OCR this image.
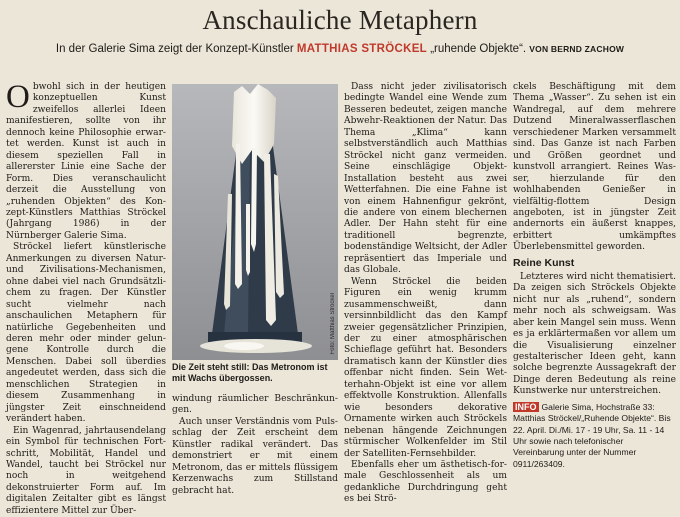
Anschauliche Metaphern
In der Galerie Sima zeigt der Konzept-Künstler MATTHIAS STRÖCKEL „ruhende Objekte“. VON BERND ZACHOW

Obwohl sich in der heutigen konzeptuellen Kunst zweifellos allerlei Ideen manifestieren, sollte von ihr dennoch keine Philosophie erwartet werden. Kunst ist auch in diesem speziellen Fall in allererster Linie eine Sache der Form. Dies veranschaulicht derzeit die Ausstellung von „ruhenden Objekten“ des Konzept-Künstlers Matthias Ströckel (Jahrgang 1986) in der Nürnberger Galerie Sima.

Ströckel liefert künstlerische Anmerkungen zu diversen Natur- und Zivilisations-Mechanismen, ohne dabei viel nach Grundsätzlichem zu fragen. Der Künstler sucht vielmehr nach anschaulichen Metaphern für natürliche Gegebenheiten und deren mehr oder minder gelungene Kontrolle durch die Menschen. Dabei soll überdies angedeutet werden, dass sich die menschlichen Strategien in diesem Zusammenhang in jüngster Zeit einschneidend verändert haben.

Ein Wagenrad, jahrtausendelang ein Symbol für technischen Fortschritt, Mobilität, Handel und Wandel, taucht bei Ströckel nur noch in weitgehend dekonstruierter Form auf. Im digitalen Zeitalter gibt es längst effizientere Mittel zur Über-

Foto: Matthias Ströckel
Die Zeit steht still: Das Metronom ist mit Wachs übergossen.

windung räumlicher Beschränkungen.

Auch unser Verständnis vom Pulsschlag der Zeit erscheint dem Künstler radikal verändert. Das demonstriert er mit einem Metronom, das er mittels flüssigem Kerzenwachs zum Stillstand gebracht hat.

Dass nicht jeder zivilisatorisch bedingte Wandel eine Wende zum Besseren bedeutet, zeigen manche Abwehr-Reaktionen der Natur. Das Thema „Klima“ kann selbstverständlich auch Matthias Ströckel nicht ganz vermeiden. Seine einschlägige Objekt-Installation besteht aus zwei Wetterfahnen. Die eine Fahne ist von einem Hahnenfigur gekrönt, die andere von einem blechernen Adler. Der Hahn steht für eine traditionell begrenzte, bodenständige Weltsicht, der Adler repräsentiert das Imperiale und das Globale.

Wenn Ströckel die beiden Figuren ein wenig krumm zusammenschweißt, dann versinnbildlicht das den Kampf zweier gegensätzlicher Prinzipien, der zu einer atmosphärischen Schieflage geführt hat. Besonders dramatisch kann der Künstler dies offenbar nicht finden. Sein Wetterhahn-Objekt ist eine vor allem effektvolle Konstruktion. Allenfalls wie besonders dekorative Ornamente wirken auch Ströckels nebenan hängende Zeichnungen stürmischer Wolkenfelder im Stil der Satelliten-Fernsehbilder.

Ebenfalls eher um ästhetisch-formale Geschlossenheit als um gedankliche Durchdringung geht es bei Strö-

ckels Beschäftigung mit dem Thema „Wasser“. Zu sehen ist ein Wandregal, auf dem mehrere Dutzend Mineralwasserflaschen verschiedener Marken versammelt sind. Das Ganze ist nach Farben und Größen geordnet und kunstvoll arrangiert. Reines Wasser, hierzulande für den wohlhabenden Genießer in vielfältig-flottem Design angeboten, ist in jüngster Zeit andernorts ein äußerst knappes, erbittert umkämpftes Überlebensmittel geworden.

Reine Kunst

Letzteres wird nicht thematisiert. Da zeigen sich Ströckels Objekte nicht nur als „ruhend“, sondern mehr noch als schweigsam. Was aber kein Mangel sein muss. Wenn es ja erklärtermaßen vor allem um die Visualisierung einzelner gestalterischer Ideen geht, kann solche begrenzte Aussagekraft der Dinge deren Bedeutung als reine Kunstwerke nur unterstreichen.

INFO Galerie Sima, Hochstraße 33: Matthias Ströckel/„Ruhende Objekte“. Bis 22. April. Di./Mi. 17 - 19 Uhr, Sa. 11 - 14 Uhr sowie nach telefonischer Vereinbarung unter der Nummer 0911/263409.
